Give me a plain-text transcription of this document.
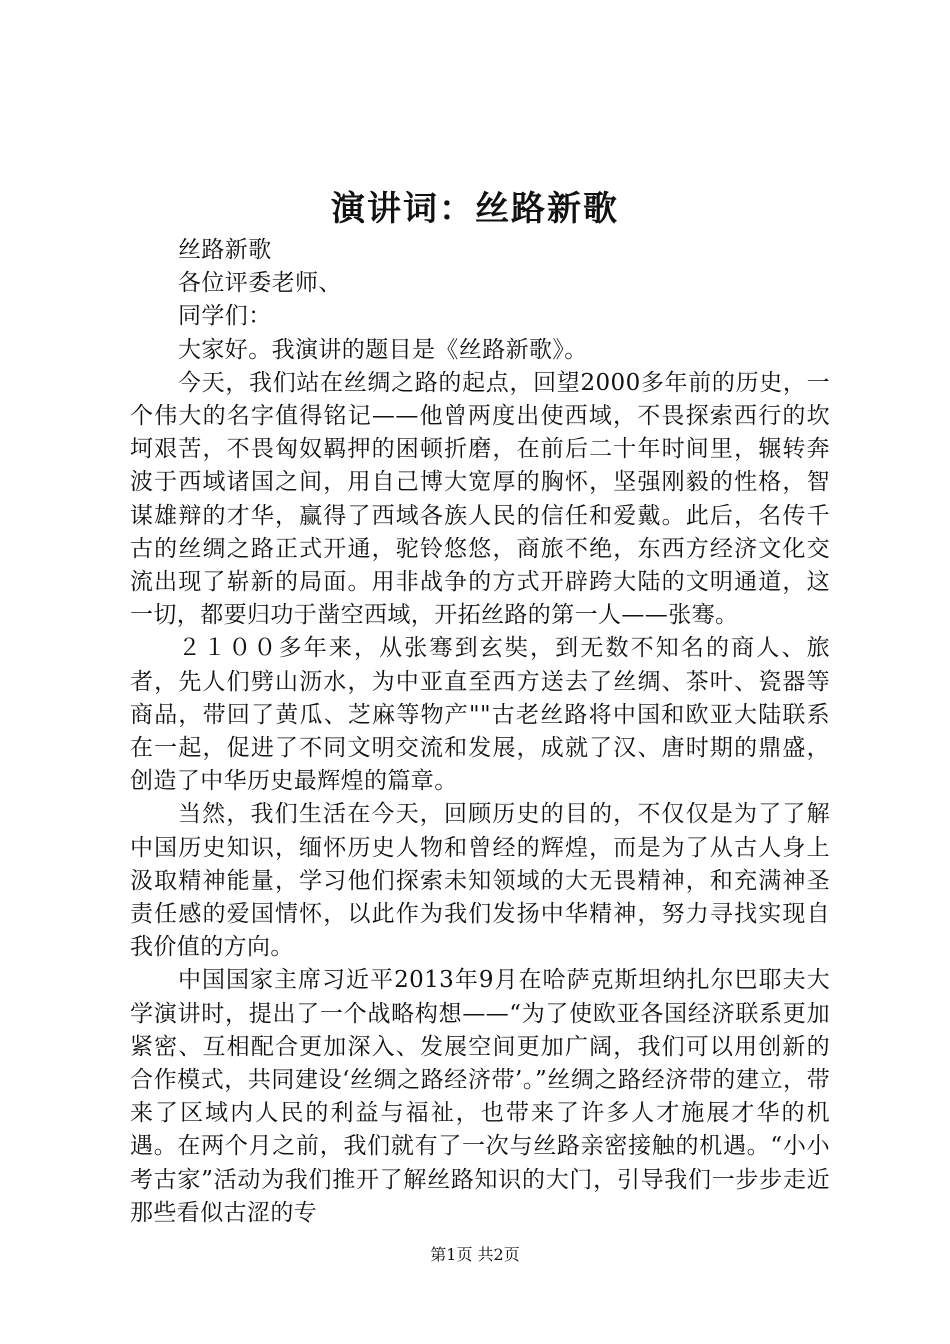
演讲词：丝路新歌

丝路新歌

各位评委老师、

同学们：

大家好。我演讲的题目是《丝路新歌》。

今天，我们站在丝绸之路的起点，回望2000多年前的历史，一个伟大的名字值得铭记——他曾两度出使西域，不畏探索西行的坎坷艰苦，不畏匈奴羁押的困顿折磨，在前后二十年时间里，辗转奔波于西域诸国之间，用自己博大宽厚的胸怀，坚强刚毅的性格，智谋雄辩的才华，赢得了西域各族人民的信任和爱戴。此后，名传千古的丝绸之路正式开通，驼铃悠悠，商旅不绝，东西方经济文化交流出现了崭新的局面。用非战争的方式开辟跨大陆的文明通道，这一切，都要归功于凿空西域，开拓丝路的第一人——张骞。

２１００多年来，从张骞到玄奘，到无数不知名的商人、旅者，先人们劈山沥水，为中亚直至西方送去了丝绸、茶叶、瓷器等商品，带回了黄瓜、芝麻等物产""古老丝路将中国和欧亚大陆联系在一起，促进了不同文明交流和发展，成就了汉、唐时期的鼎盛，创造了中华历史最辉煌的篇章。

当然，我们生活在今天，回顾历史的目的，不仅仅是为了了解中国历史知识，缅怀历史人物和曾经的辉煌，而是为了从古人身上汲取精神能量，学习他们探索未知领域的大无畏精神，和充满神圣责任感的爱国情怀，以此作为我们发扬中华精神，努力寻找实现自我价值的方向。

中国国家主席习近平2013年9月在哈萨克斯坦纳扎尔巴耶夫大学演讲时，提出了一个战略构想——“为了使欧亚各国经济联系更加紧密、互相配合更加深入、发展空间更加广阔，我们可以用创新的合作模式，共同建设‘丝绸之路经济带’。”丝绸之路经济带的建立，带来了区域内人民的利益与福祉，也带来了许多人才施展才华的机遇。在两个月之前，我们就有了一次与丝路亲密接触的机遇。“小小考古家”活动为我们推开了解丝路知识的大门，引导我们一步步走近那些看似古涩的专

第1页 共2页
